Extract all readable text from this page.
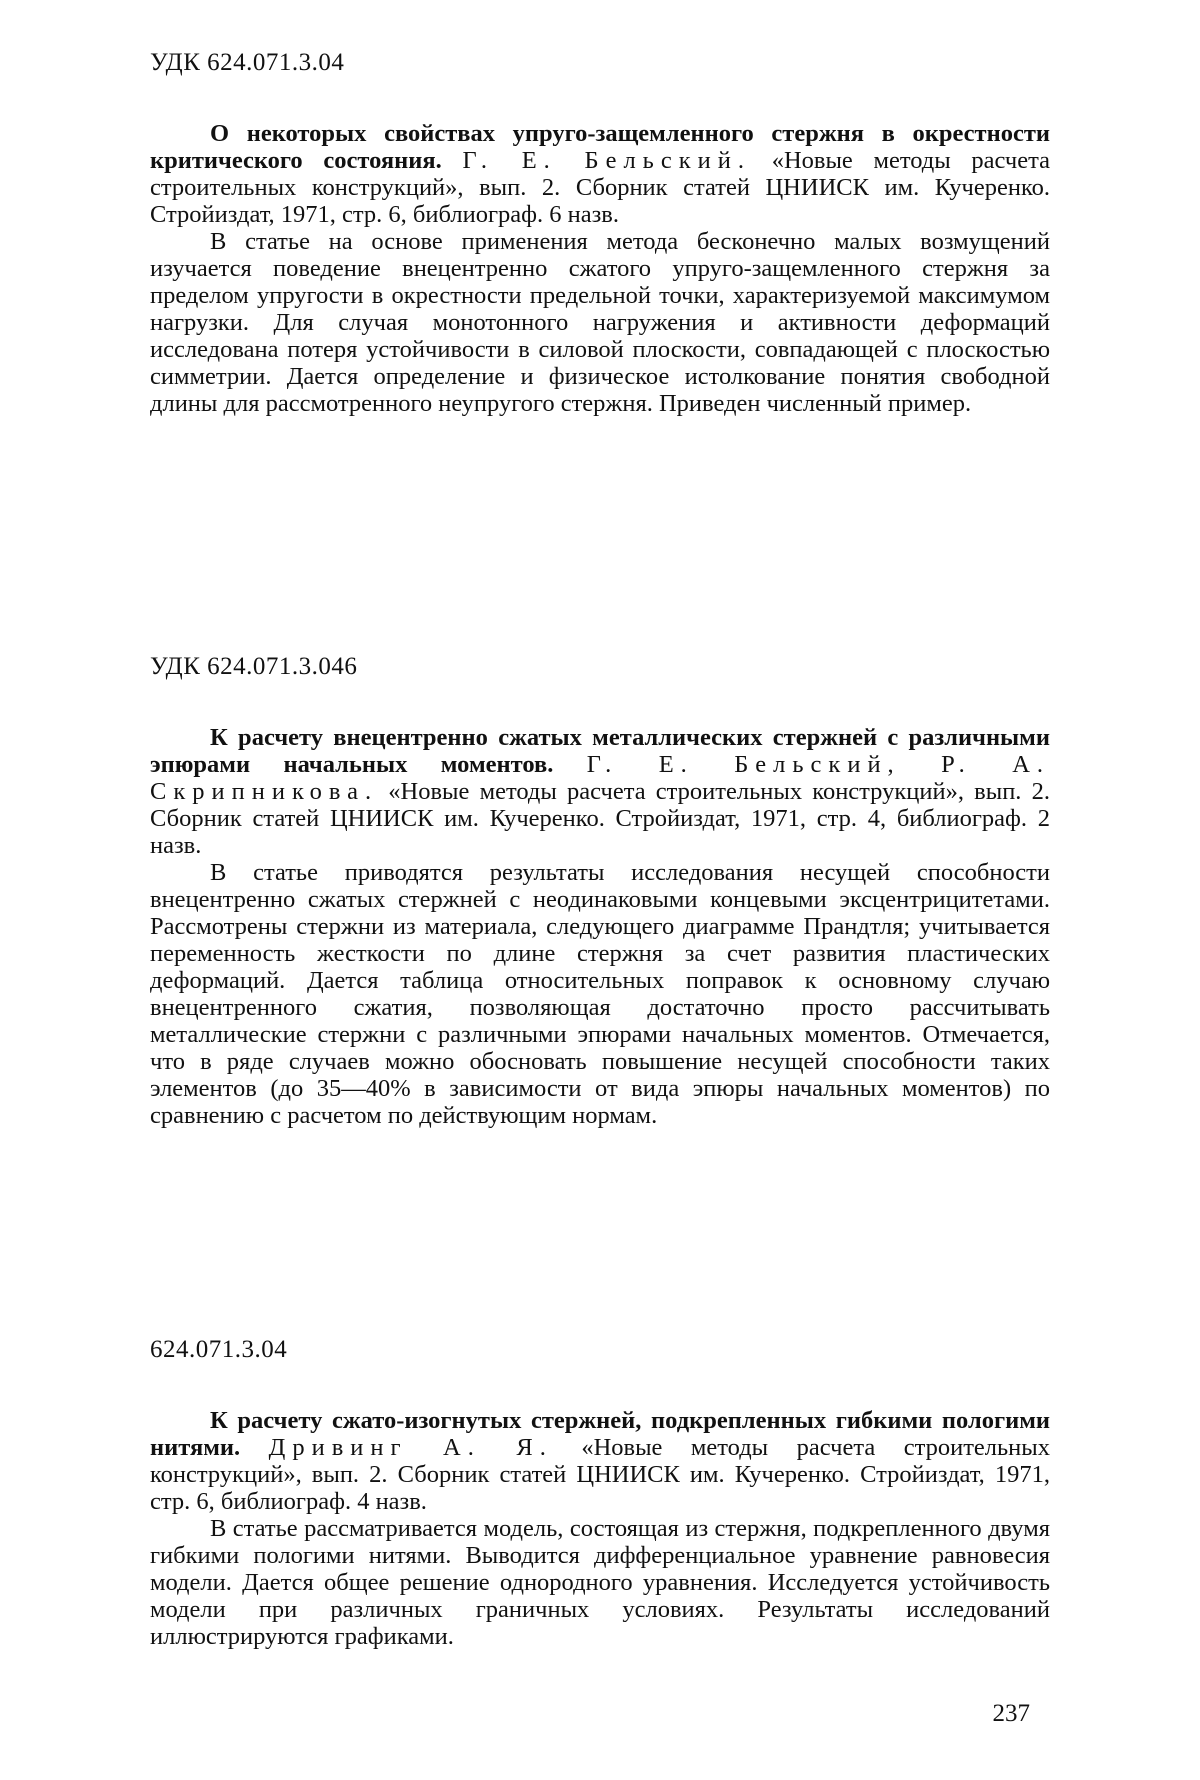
УДК 624.071.3.04

О некоторых свойствах упруго-защемленного стержня в окрестности критического состояния. Г. Е. Бельский. «Новые методы расчета строительных конструкций», вып. 2. Сборник статей ЦНИИСК им. Кучеренко. Стройиздат, 1971, стр. 6, библиограф. 6 назв.

В статье на основе применения метода бесконечно малых возмущений изучается поведение внецентренно сжатого упруго-защемленного стержня за пределом упругости в окрестности предельной точки, характеризуемой максимумом нагрузки. Для случая монотонного нагружения и активности деформаций исследована потеря устойчивости в силовой плоскости, совпадающей с плоскостью симметрии. Дается определение и физическое истолкование понятия свободной длины для рассмотренного неупругого стержня. Приведен численный пример.

УДК 624.071.3.046

К расчету внецентренно сжатых металлических стержней с различными эпюрами начальных моментов. Г. Е. Бельский, Р. А. Скрипникова. «Новые методы расчета строительных конструкций», вып. 2. Сборник статей ЦНИИСК им. Кучеренко. Стройиздат, 1971, стр. 4, библиограф. 2 назв.

В статье приводятся результаты исследования несущей способности внецентренно сжатых стержней с неодинаковыми концевыми эксцентрицитетами. Рассмотрены стержни из материала, следующего диаграмме Прандтля; учитывается переменность жесткости по длине стержня за счет развития пластических деформаций. Дается таблица относительных поправок к основному случаю внецентренного сжатия, позволяющая достаточно просто рассчитывать металлические стержни с различными эпюрами начальных моментов. Отмечается, что в ряде случаев можно обосновать повышение несущей способности таких элементов (до 35—40% в зависимости от вида эпюры начальных моментов) по сравнению с расчетом по действующим нормам.

624.071.3.04

К расчету сжато-изогнутых стержней, подкрепленных гибкими пологими нитями. Дривинг А. Я. «Новые методы расчета строительных конструкций», вып. 2. Сборник статей ЦНИИСК им. Кучеренко. Стройиздат, 1971, стр. 6, библиограф. 4 назв.

В статье рассматривается модель, состоящая из стержня, подкрепленного двумя гибкими пологими нитями. Выводится дифференциальное уравнение равновесия модели. Дается общее решение однородного уравнения. Исследуется устойчивость модели при различных граничных условиях. Результаты исследований иллюстрируются графиками.

237
